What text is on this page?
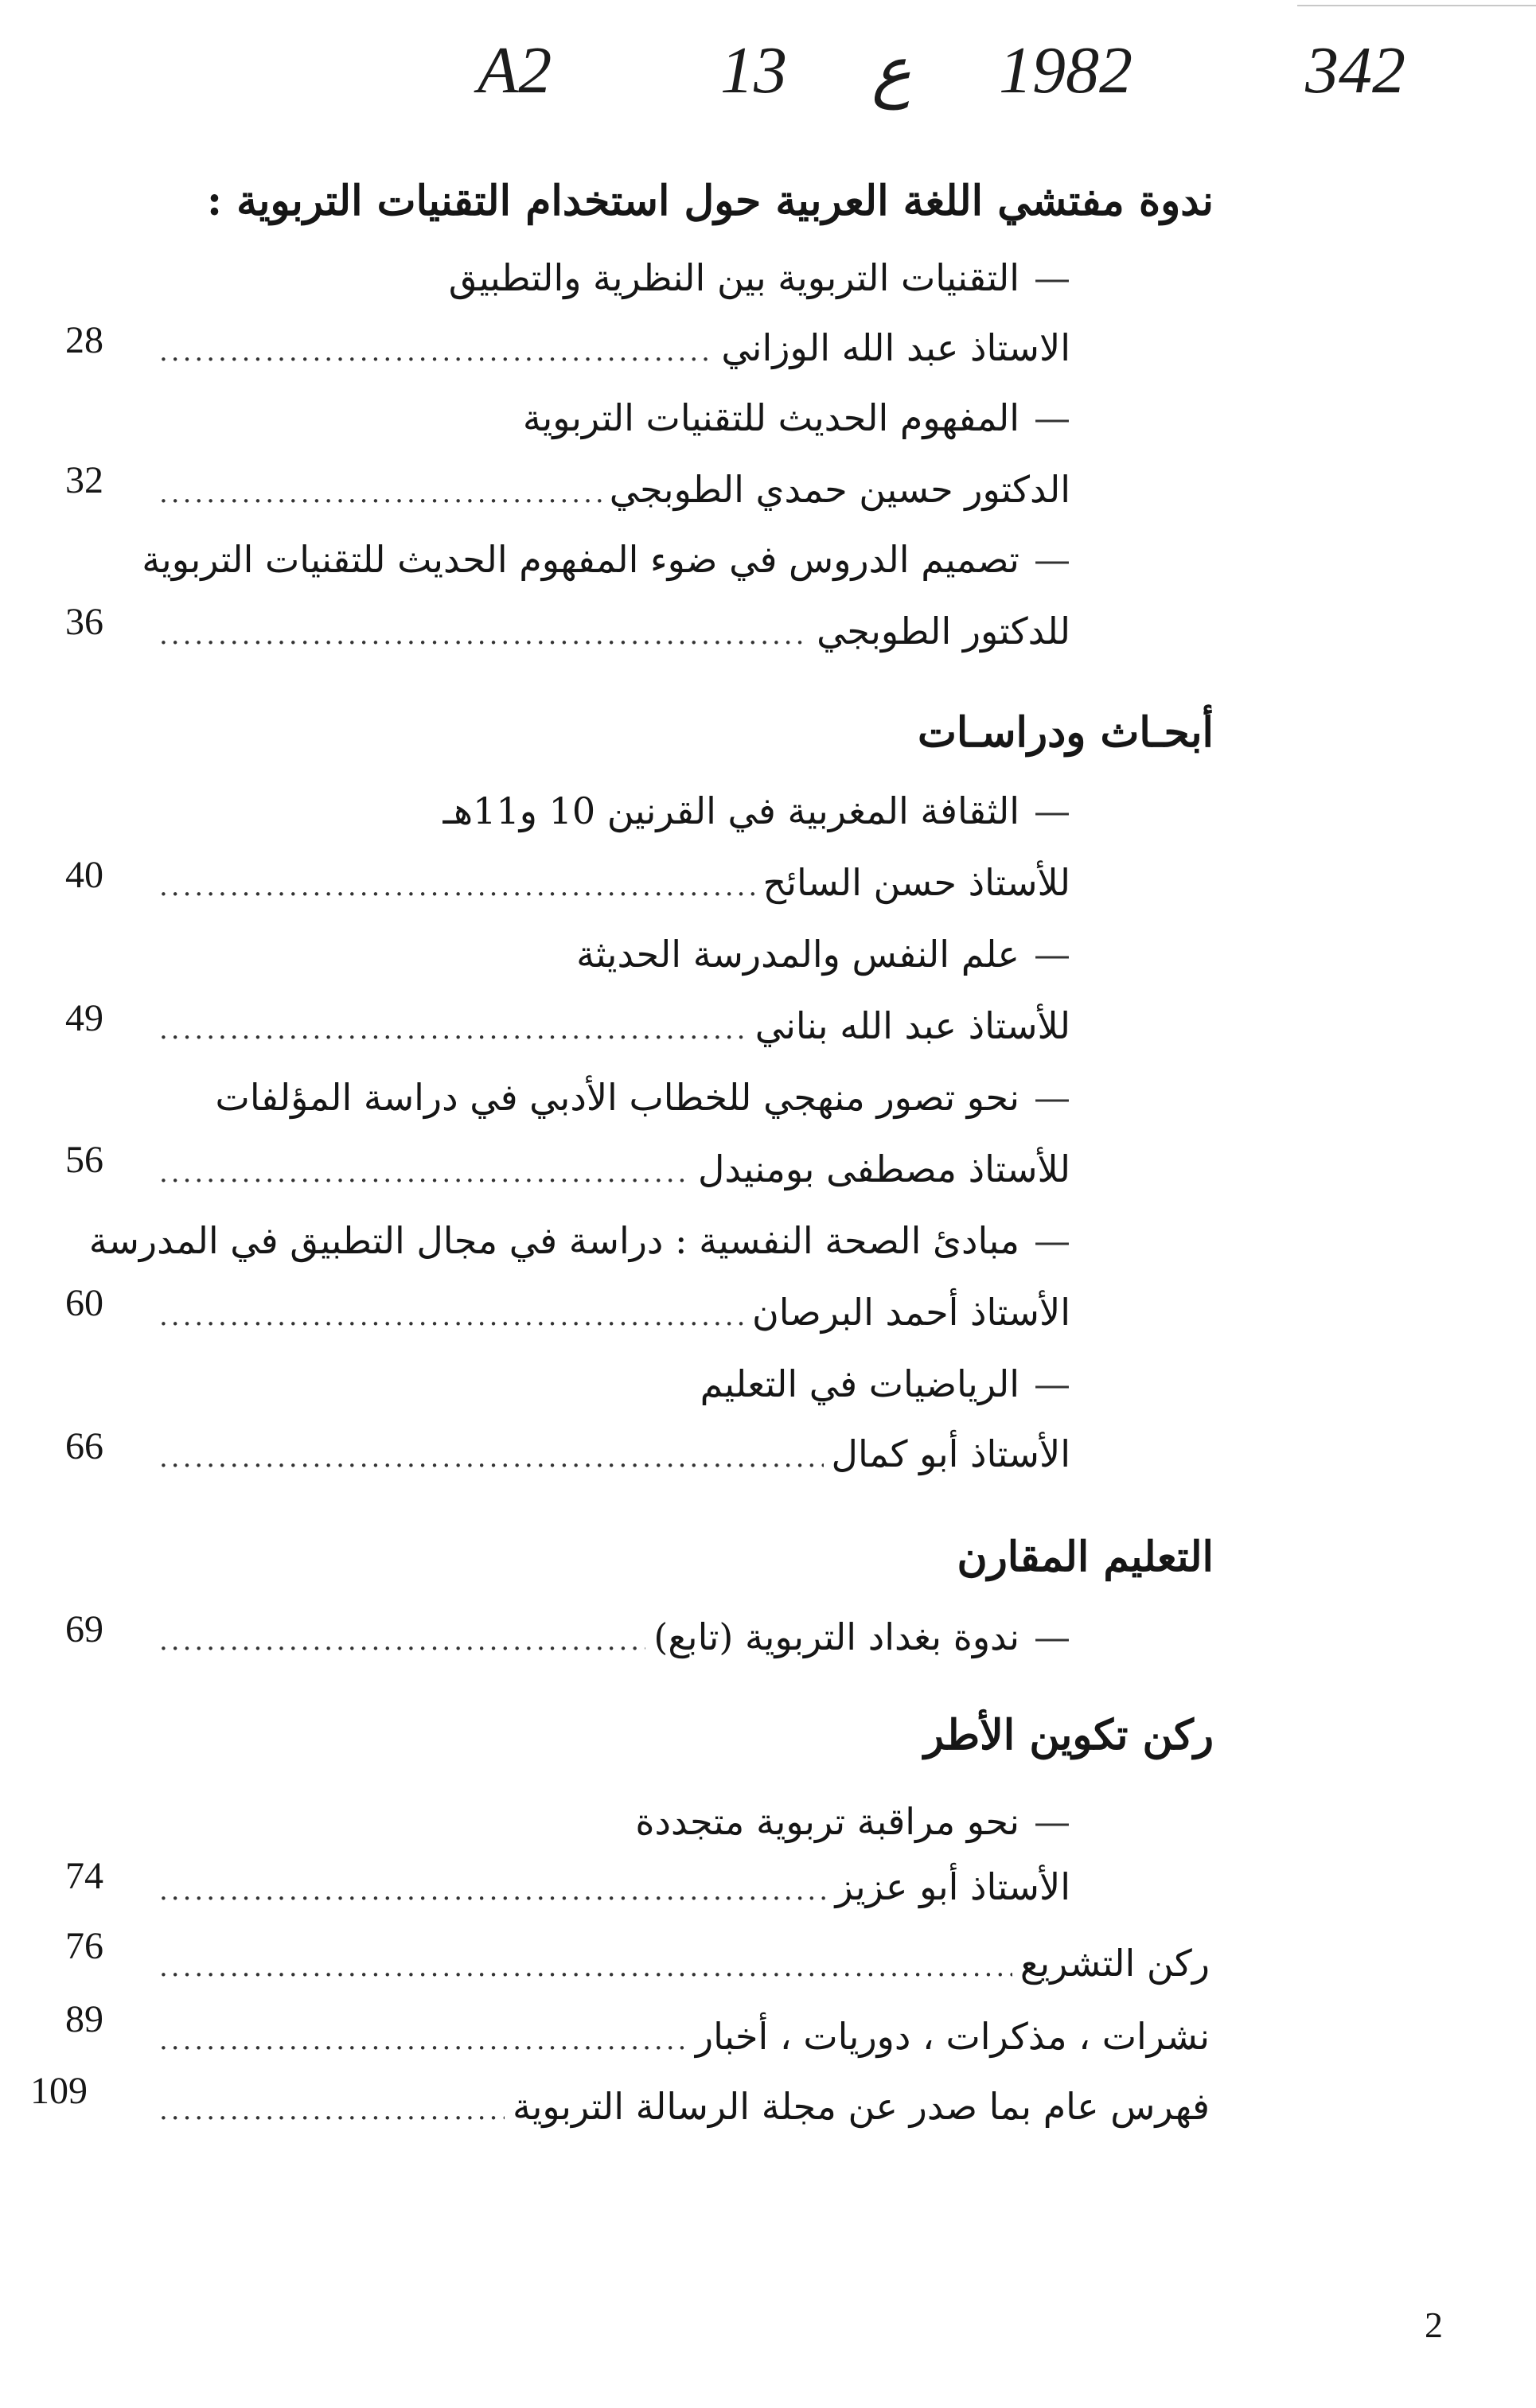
A2	13 ع 1982	342
ندوة مفتشي اللغة العربية حول استخدام التقنيات التربوية :
—
التقنيات التربوية بين النظرية والتطبيق
الاستاذ عبد الله الوزاني
.....
28
—
المفهوم الحديث للتقنيات التربوية
الدكتور حسين حمدي الطوبجي
.....
32
—
تصميم الدروس في ضوء المفهوم الحديث للتقنيات التربوية
للدكتور الطوبجي
.....
36
أبحـاث ودراسـات
—
الثقافة المغربية في القرنين 10 و11هـ
للأستاذ حسن السائح
.....
40
—
علم النفس والمدرسة الحديثة
للأستاذ عبد الله بناني
.....
49
—
نحو تصور منهجي للخطاب الأدبي في دراسة المؤلفات
للأستاذ مصطفى بومنيدل
.....
56
—
مبادئ الصحة النفسية : دراسة في مجال التطبيق في المدرسة
الأستاذ أحمد البرصان
.....
60
—
الرياضيات في التعليم
الأستاذ أبو كمال
.....
66
التعليم المقارن
—
ندوة بغداد التربوية (تابع)
.....
69
ركن تكوين الأطر
—
نحو مراقبة تربوية متجددة
الأستاذ أبو عزيز
.....
74
ركن التشريع
.....
76
نشرات ، مذكرات ، دوريات ، أخبار
.....
89
فهرس عام بما صدر عن مجلة الرسالة التربوية
.....
109
2
